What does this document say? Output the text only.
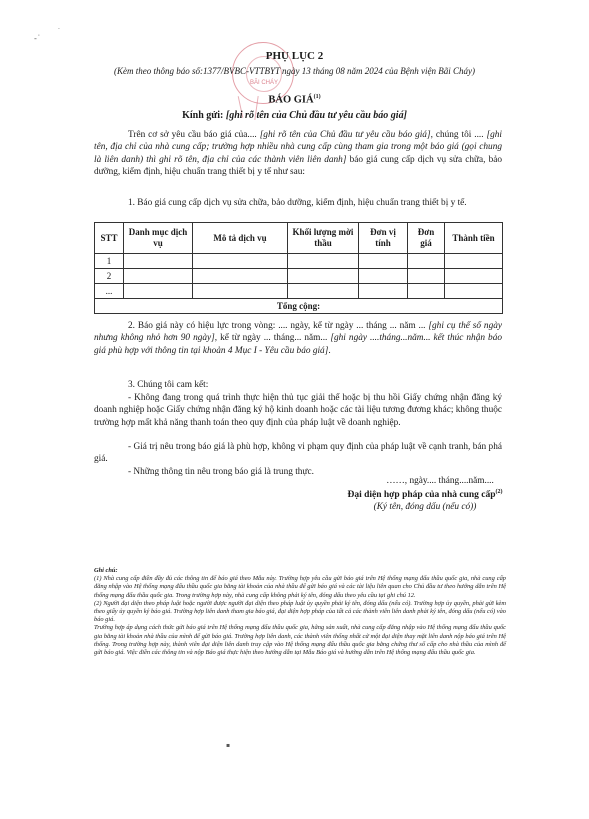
-˙
·
▪
BÃI CHÁY
PHỤ LỤC 2
(Kèm theo thông báo số:1377/BVBC-VTTBYT ngày 13 tháng 08 năm 2024 của Bệnh viện Bãi Cháy)
BÁO GIÁ$^{(1)}$
Kính gửi: [ghi rõ tên của Chủ đầu tư yêu cầu báo giá]
Trên cơ sở yêu cầu báo giá của.... [ghi rõ tên của Chủ đầu tư yêu cầu báo giá], chúng tôi .... [ghi tên, địa chỉ của nhà cung cấp; trường hợp nhiều nhà cung cấp cùng tham gia trong một báo giá (gọi chung là liên danh) thì ghi rõ tên, địa chỉ của các thành viên liên danh] báo giá cung cấp dịch vụ sửa chữa, bảo dưỡng, kiểm định, hiệu chuẩn trang thiết bị y tế như sau:
1. Báo giá cung cấp dịch vụ sửa chữa, bảo dưỡng, kiểm định, hiệu chuẩn trang thiết bị y tế.
STT	Danh mục dịch vụ	Mô tả dịch vụ	Khối lượng mời thầu	Đơn vị tính	Đơn giá	Thành tiền
1						
2						
...						
Tổng cộng:						
2. Báo giá này có hiệu lực trong vòng: .... ngày, kể từ ngày ... tháng ... năm ... [ghi cụ thể số ngày nhưng không nhỏ hơn 90 ngày], kể từ ngày ... tháng... năm... [ghi ngày ....tháng...năm... kết thúc nhận báo giá phù hợp với thông tin tại khoản 4 Mục I - Yêu cầu báo giá].
3. Chúng tôi cam kết:
- Không đang trong quá trình thực hiện thủ tục giải thể hoặc bị thu hồi Giấy chứng nhận đăng ký doanh nghiệp hoặc Giấy chứng nhận đăng ký hộ kinh doanh hoặc các tài liệu tương đương khác; không thuộc trường hợp mất khả năng thanh toán theo quy định của pháp luật về doanh nghiệp.
- Giá trị nêu trong báo giá là phù hợp, không vi phạm quy định của pháp luật về cạnh tranh, bán phá giá.
- Những thông tin nêu trong báo giá là trung thực.
……, ngày.... tháng....năm....
Đại diện hợp pháp của nhà cung cấp$^{(2)}$
(Ký tên, đóng dấu (nếu có))
Ghi chú:
(1) Nhà cung cấp điền đầy đủ các thông tin để báo giá theo Mẫu này. Trường hợp yêu cầu gửi báo giá trên Hệ thống mạng đấu thầu quốc gia, nhà cung cấp đăng nhập vào Hệ thống mạng đấu thầu quốc gia bằng tài khoản của nhà thầu để gửi báo giá và các tài liệu liên quan cho Chủ đầu tư theo hướng dẫn trên Hệ thống mạng đấu thầu quốc gia. Trong trường hợp này, nhà cung cấp không phải ký tên, đóng dấu theo yêu cầu tại ghi chú 12.
(2) Người đại diện theo pháp luật hoặc người được người đại diện theo pháp luật ủy quyền phải ký tên, đóng dấu (nếu có). Trường hợp ủy quyền, phải gửi kèm theo giấy ủy quyền ký báo giá. Trường hợp liên danh tham gia báo giá, đại diện hợp pháp của tất cả các thành viên liên danh phải ký tên, đóng dấu (nếu có) vào báo giá.
Trường hợp áp dụng cách thức gửi báo giá trên Hệ thống mạng đấu thầu quốc gia, hãng sản xuất, nhà cung cấp đăng nhập vào Hệ thống mạng đấu thầu quốc gia bằng tài khoản nhà thầu của mình để gửi báo giá. Trường hợp liên danh, các thành viên thống nhất cử một đại diện thay mặt liên danh nộp báo giá trên Hệ thống. Trong trường hợp này, thành viên đại diện liên danh truy cập vào Hệ thống mạng đấu thầu quốc gia bằng chứng thư số cấp cho nhà thầu của mình để gửi báo giá. Việc điền các thông tin và nộp Báo giá thực hiện theo hướng dẫn tại Mẫu Báo giá và hướng dẫn trên Hệ thống mạng đấu thầu quốc gia.
